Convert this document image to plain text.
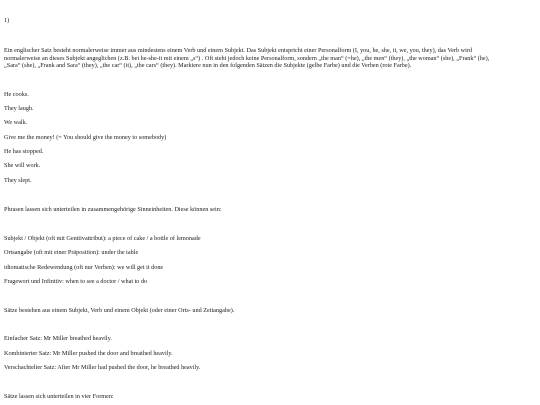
1)
Ein englischer Satz besteht normalerweise immer aus mindestens einem Verb und einem Subjekt. Das Subjekt entspricht einer Personalform (I, you, he, she, it, we, you, they), das Verb wird
normalerweise an dieses Subjekt angeglichen (z.B. bei he-she-it mit einem „s“) . Oft steht jedoch keine Personalform, sondern „the man“ (=he), „the men“ (they), „the woman“ (she), „Frank“ (he),
„Sara“ (she), „Frank and Sara“ (they), „the car“ (it), „the cars“ (they). Markiere nun in den folgenden Sätzen die Subjekte (gelbe Farbe) und die Verben (rote Farbe).
He cooks.
They laugh.
We walk.
Give me the money! (= You should give the money to somebody)
He has stopped.
She will work.
They slept.
Phrasen lassen sich unterteilen in zusammengehörige Sinneinheiten. Diese können sein:
Subjekt / Objekt (oft mit Genitivattribut): a piece of cake / a bottle of lemonade
Ortsangabe (oft mit einer Präposition): under the table
idiomatische Redewendung (oft nur Verben): we will get it done
Fragewort und Infinitiv: when to see a doctor / what to do
Sätze bestehen aus einem Subjekt, Verb und einem Objekt (oder einer Orts- und Zeitangabe).
Einfacher Satz: Mr Miller breathed heavily.
Kombinierter Satz: Mr Miller pushed the door and breathed heavily.
Verschachtelter Satz: After Mr Miller had pushed the door, he breathed heavily.
Sätze lassen sich unterteilen in vier Formen:
